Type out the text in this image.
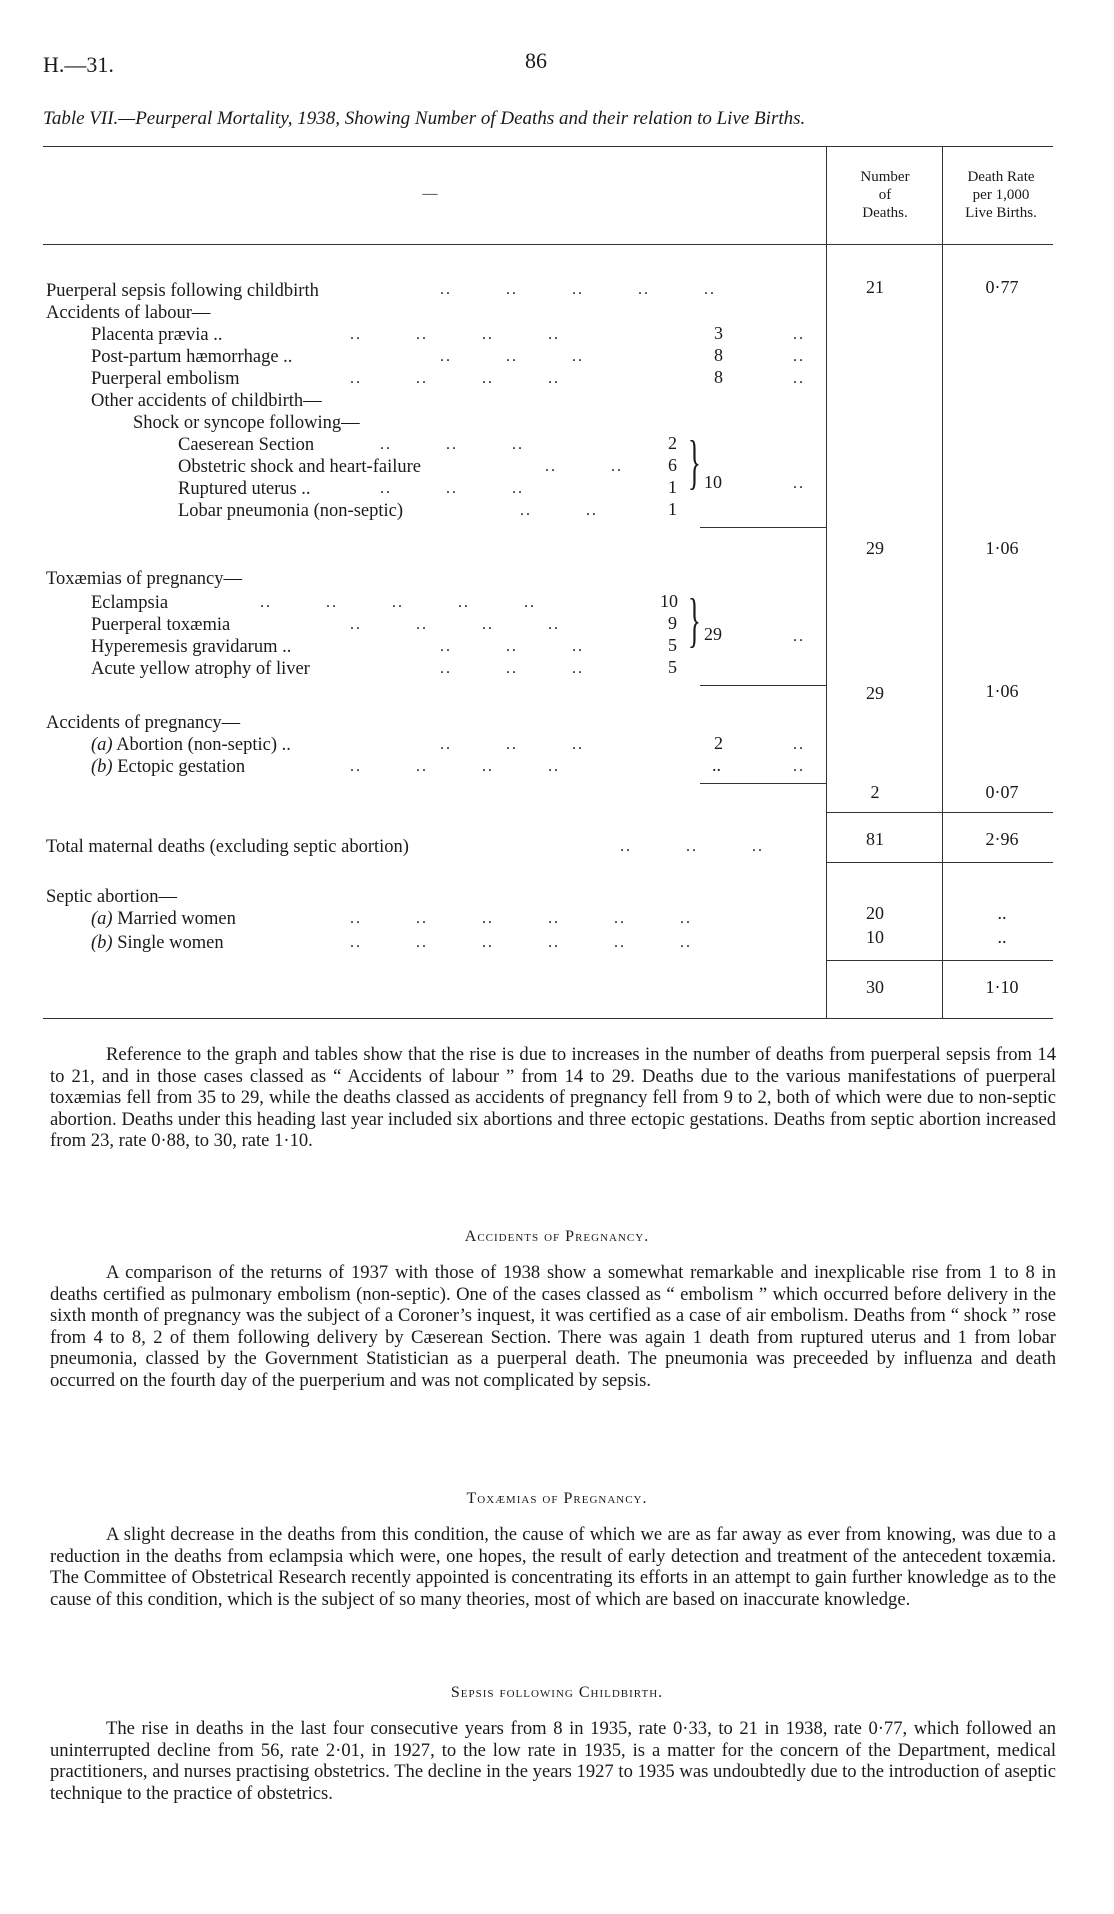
H.—31.	86
Table VII.—Peurperal Mortality, 1938, Showing Number of Deaths and their relation to Live Births.
—
Number
of
Deaths.
Death Rate
per 1,000
Live Births.
Puerperal sepsis following childbirth	..   ..   ..   ..   ..	21	0·77
Accidents of labour—
Placenta prævia ..	..   ..   ..   ..	3	..
Post-partum hæmorrhage ..	..   ..   ..	8	..
Puerperal embolism	..   ..   ..   ..	8	..
Other accidents of childbirth—
Shock or syncope following—
Caeserean Section	..   ..   ..	2
Obstetric shock and heart-failure	..   ..	6
Ruptured uterus ..	..   ..   ..	1
Lobar pneumonia (non-septic)	..   ..	1
} 10	..
29	1·06
Toxæmias of pregnancy—
Eclampsia	..   ..   ..   ..   ..	10
Puerperal toxæmia	..   ..   ..   ..	9
Hyperemesis gravidarum ..	..   ..   ..	5
Acute yellow atrophy of liver	..   ..   ..	5
} 29	..
29	1·06
Accidents of pregnancy—
(a) Abortion (non-septic) ..	..   ..   ..	2	..
(b) Ectopic gestation	..   ..   ..   ..	..	..
2	0·07
Total maternal deaths (excluding septic abortion)	..   ..   ..	81	2·96
Septic abortion—
(a) Married women	..   ..   ..   ..   ..   ..	20	..
(b) Single women	..   ..   ..   ..   ..   ..	10	..
30	1·10
Reference to the graph and tables show that the rise is due to increases in the number of deaths from puerperal sepsis from 14 to 21, and in those cases classed as “ Accidents of labour ” from 14 to 29. Deaths due to the various manifestations of puerperal toxæmias fell from 35 to 29, while the deaths classed as accidents of pregnancy fell from 9 to 2, both of which were due to non-septic abortion. Deaths under this heading last year included six abortions and three ectopic gestations. Deaths from septic abortion increased from 23, rate 0·88, to 30, rate 1·10.
Accidents of Pregnancy.
A comparison of the returns of 1937 with those of 1938 show a somewhat remarkable and inexplicable rise from 1 to 8 in deaths certified as pulmonary embolism (non-septic). One of the cases classed as “ embolism ” which occurred before delivery in the sixth month of pregnancy was the subject of a Coroner’s inquest, it was certified as a case of air embolism. Deaths from “ shock ” rose from 4 to 8, 2 of them following delivery by Cæserean Section. There was again 1 death from ruptured uterus and 1 from lobar pneumonia, classed by the Government Statistician as a puerperal death. The pneumonia was preceeded by influenza and death occurred on the fourth day of the puerperium and was not complicated by sepsis.
Toxæmias of Pregnancy.
A slight decrease in the deaths from this condition, the cause of which we are as far away as ever from knowing, was due to a reduction in the deaths from eclampsia which were, one hopes, the result of early detection and treatment of the antecedent toxæmia. The Committee of Obstetrical Research recently appointed is concentrating its efforts in an attempt to gain further knowledge as to the cause of this condition, which is the subject of so many theories, most of which are based on inaccurate knowledge.
Sepsis following Childbirth.
The rise in deaths in the last four consecutive years from 8 in 1935, rate 0·33, to 21 in 1938, rate 0·77, which followed an uninterrupted decline from 56, rate 2·01, in 1927, to the low rate in 1935, is a matter for the concern of the Department, medical practitioners, and nurses practising obstetrics. The decline in the years 1927 to 1935 was undoubtedly due to the introduction of aseptic technique to the practice of obstetrics.
